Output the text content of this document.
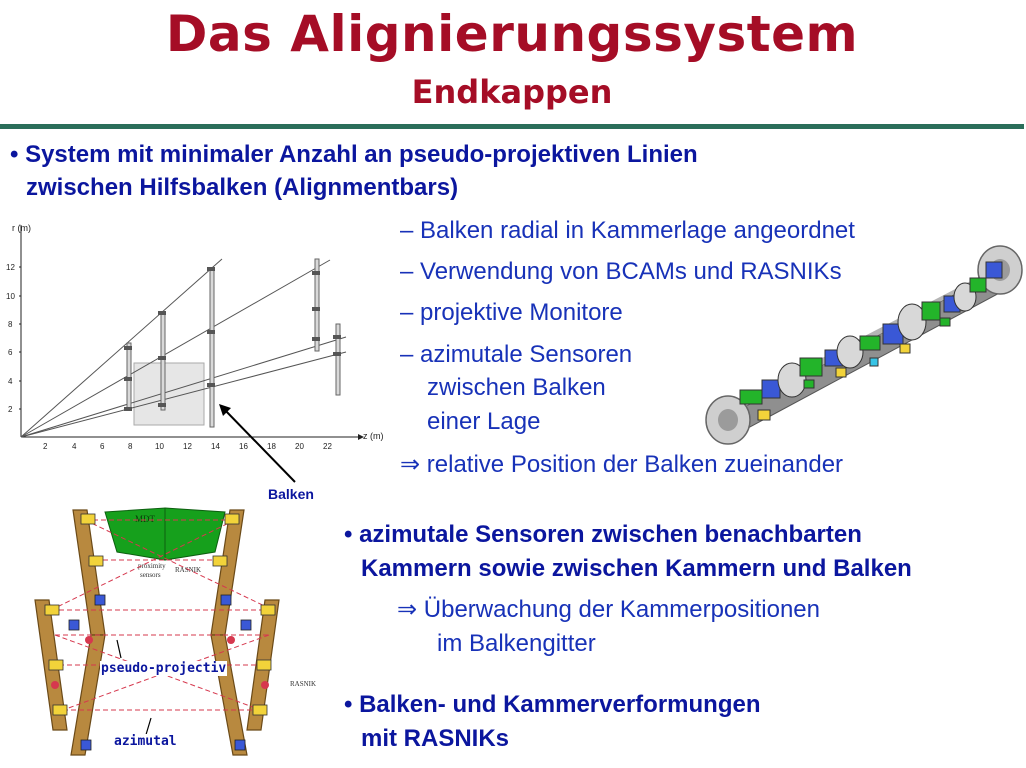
Das Alignierungssystem
Endkappen
• System mit minimaler Anzahl an pseudo-projektiven Linien
zwischen Hilfsbalken (Alignmentbars)
– Balken radial in Kammerlage angeordnet
– Verwendung von BCAMs und RASNIKs
– projektive Monitore
– azimutale Sensoren
zwischen Balken
einer Lage
⇒ relative Position der Balken zueinander
• azimutale Sensoren zwischen benachbarten
Kammern sowie zwischen Kammern und Balken
⇒ Überwachung der Kammerpositionen
im Balkengitter
• Balken- und Kammerverformungen
mit RASNIKs
r (m)
z (m)
2
4
6
8
10
12
2	4	6	8	10 12 14 16 18 20 22
Balken
MDT
proximity
sensors
RASNIK
RASNIK
pseudo-projectiv
azimutal
